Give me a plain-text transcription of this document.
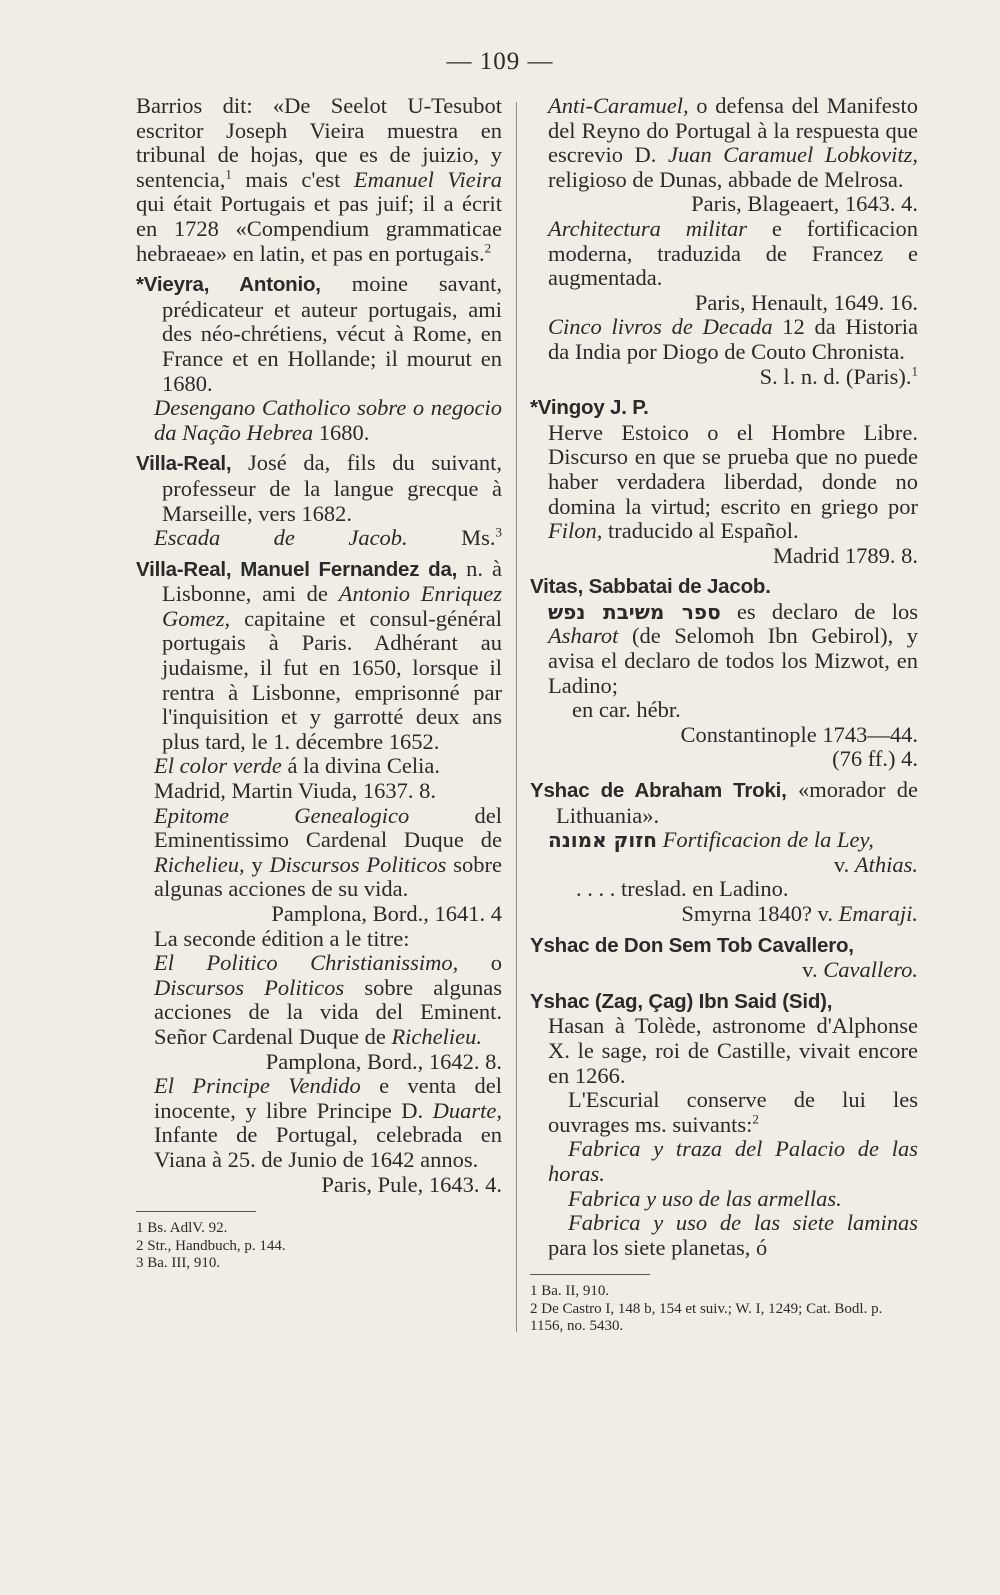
— 109 —

Barrios dit: «De Seelot U-Tesubot escritor Joseph Vieira muestra en tribunal de hojas, que es de juizio, y sentencia,$^1$ mais c'est Emanuel Vieira qui était Portugais et pas juif; il a écrit en 1728 «Compendium grammaticae hebraeae» en latin, et pas en portugais.$^2$

*Vieyra, Antonio, moine savant, prédicateur et auteur portugais, ami des néo-chrétiens, vécut à Rome, en France et en Hollande; il mourut en 1680.

Desengano Catholico sobre o negocio da Nação Hebrea 1680.

Villa-Real, José da, fils du suivant, professeur de la langue grecque à Marseille, vers 1682.

Escada de Jacob. Ms.$^3$

Villa-Real, Manuel Fernandez da, n. à Lisbonne, ami de Antonio Enriquez Gomez, capitaine et consul-général portugais à Paris. Adhérant au judaisme, il fut en 1650, lorsque il rentra à Lisbonne, emprisonné par l'inquisition et y garrotté deux ans plus tard, le 1. décembre 1652.

El color verde á la divina Celia.

Madrid, Martin Viuda, 1637. 8.

Epitome Genealogico del Eminentissimo Cardenal Duque de Richelieu, y Discursos Politicos sobre algunas acciones de su vida.

Pamplona, Bord., 1641. 4

La seconde édition a le titre:

El Politico Christianissimo, o Discursos Politicos sobre algunas acciones de la vida del Eminent. Señor Cardenal Duque de Richelieu.

Pamplona, Bord., 1642. 8.

El Principe Vendido e venta del inocente, y libre Principe D. Duarte, Infante de Portugal, celebrada en Viana à 25. de Junio de 1642 annos.

Paris, Pule, 1643. 4.

1 Bs. AdlV. 92.

2 Str., Handbuch, p. 144.

3 Ba. III, 910.

Anti-Caramuel, o defensa del Manifesto del Reyno do Portugal à la respuesta que escrevio D. Juan Caramuel Lobkovitz, religioso de Dunas, abbade de Melrosa.

Paris, Blageaert, 1643. 4.

Architectura militar e fortificacion moderna, traduzida de Francez e augmentada.

Paris, Henault, 1649. 16.

Cinco livros de Decada 12 da Historia da India por Diogo de Couto Chronista.

S. l. n. d. (Paris).$^1$

*Vingoy J. P.

Herve Estoico o el Hombre Libre. Discurso en que se prueba que no puede haber verdadera liberdad, donde no domina la virtud; escrito en griego por Filon, traducido al Español.

Madrid 1789. 8.

Vitas, Sabbatai de Jacob.

ספר משיבת נפש es declaro de los Asharot (de Selomoh Ibn Gebirol), y avisa el declaro de todos los Mizwot, en Ladino;

en car. hébr.

Constantinople 1743—44.

(76 ff.) 4.

Yshac de Abraham Troki, «morador de Lithuania».

חזוק אמונה Fortificacion de la Ley,

v. Athias.

. . . . treslad. en Ladino.

Smyrna 1840? v. Emaraji.

Yshac de Don Sem Tob Cavallero,

v. Cavallero.

Yshac (Zag, Çag) Ibn Said (Sid),

Hasan à Tolède, astronome d'Alphonse X. le sage, roi de Castille, vivait encore en 1266.

L'Escurial conserve de lui les ouvrages ms. suivants:$^2$

Fabrica y traza del Palacio de las horas.

Fabrica y uso de las armellas.

Fabrica y uso de las siete laminas para los siete planetas, ó

1 Ba. II, 910.

2 De Castro I, 148 b, 154 et suiv.; W. I, 1249; Cat. Bodl. p. 1156, no. 5430.
